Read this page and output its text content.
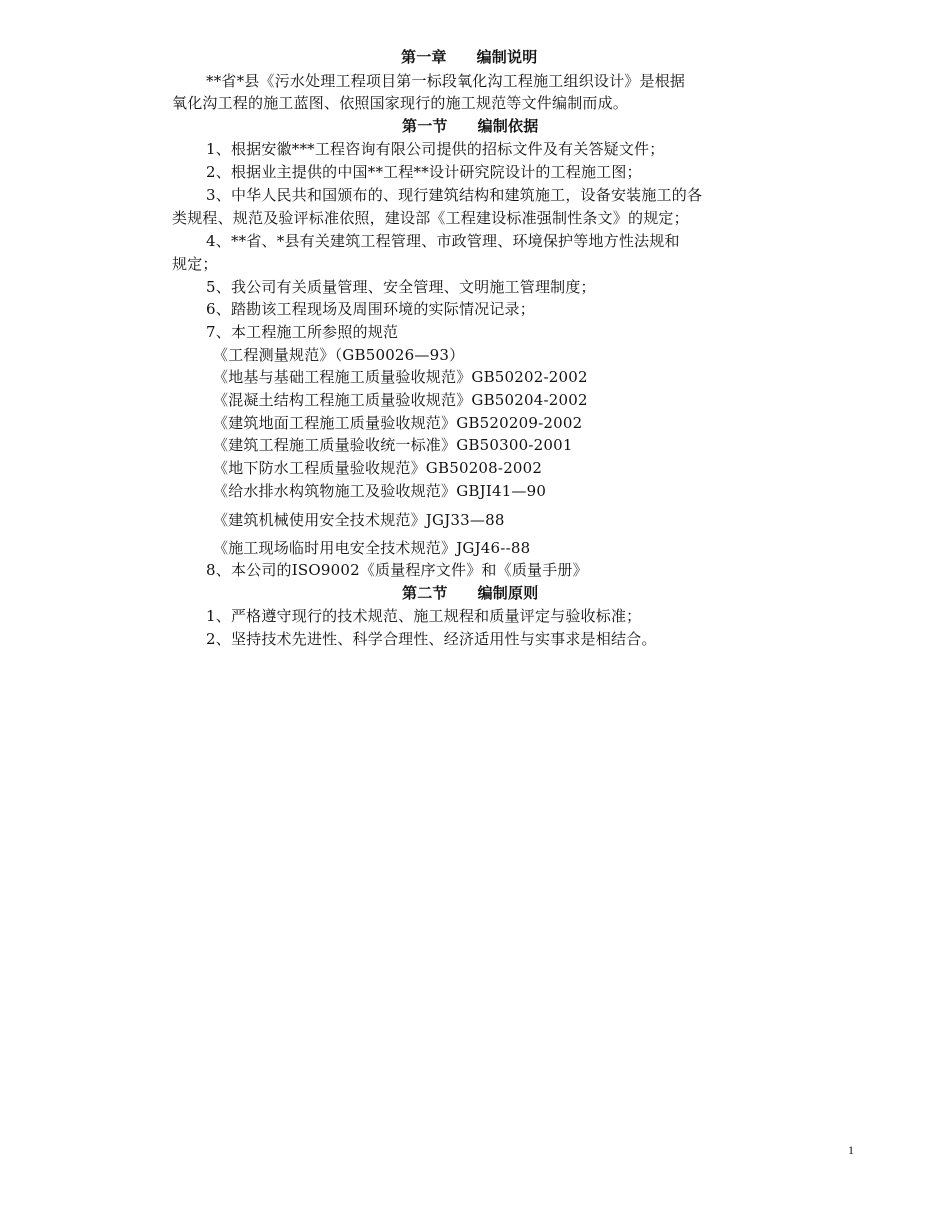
第一章 编制说明
**省*县《污水处理工程项目第一标段氧化沟工程施工组织设计》是根据
氧化沟工程的施工蓝图、依照国家现行的施工规范等文件编制而成。
第一节 编制依据
1、根据安徽***工程咨询有限公司提供的招标文件及有关答疑文件；
2、根据业主提供的中国**工程**设计研究院设计的工程施工图；
3、中华人民共和国颁布的、现行建筑结构和建筑施工，设备安装施工的各
类规程、规范及验评标准依照，建设部《工程建设标准强制性条文》的规定；
4、**省、*县有关建筑工程管理、市政管理、环境保护等地方性法规和
规定；
5、我公司有关质量管理、安全管理、文明施工管理制度；
6、踏勘该工程现场及周围环境的实际情况记录；
7、本工程施工所参照的规范
《工程测量规范》（GB50026—93）
《地基与基础工程施工质量验收规范》GB50202-2002
《混凝土结构工程施工质量验收规范》GB50204-2002
《建筑地面工程施工质量验收规范》GB520209-2002
《建筑工程施工质量验收统一标准》GB50300-2001
《地下防水工程质量验收规范》GB50208-2002
《给水排水构筑物施工及验收规范》GBJⅠ41—90
《建筑机械使用安全技术规范》JGJ33—88
《施工现场临时用电安全技术规范》JGJ46--88
8、本公司的ⅠSO9002《质量程序文件》和《质量手册》
第二节 编制原则
1、严格遵守现行的技术规范、施工规程和质量评定与验收标准；
2、坚持技术先进性、科学合理性、经济适用性与实事求是相结合。
1
